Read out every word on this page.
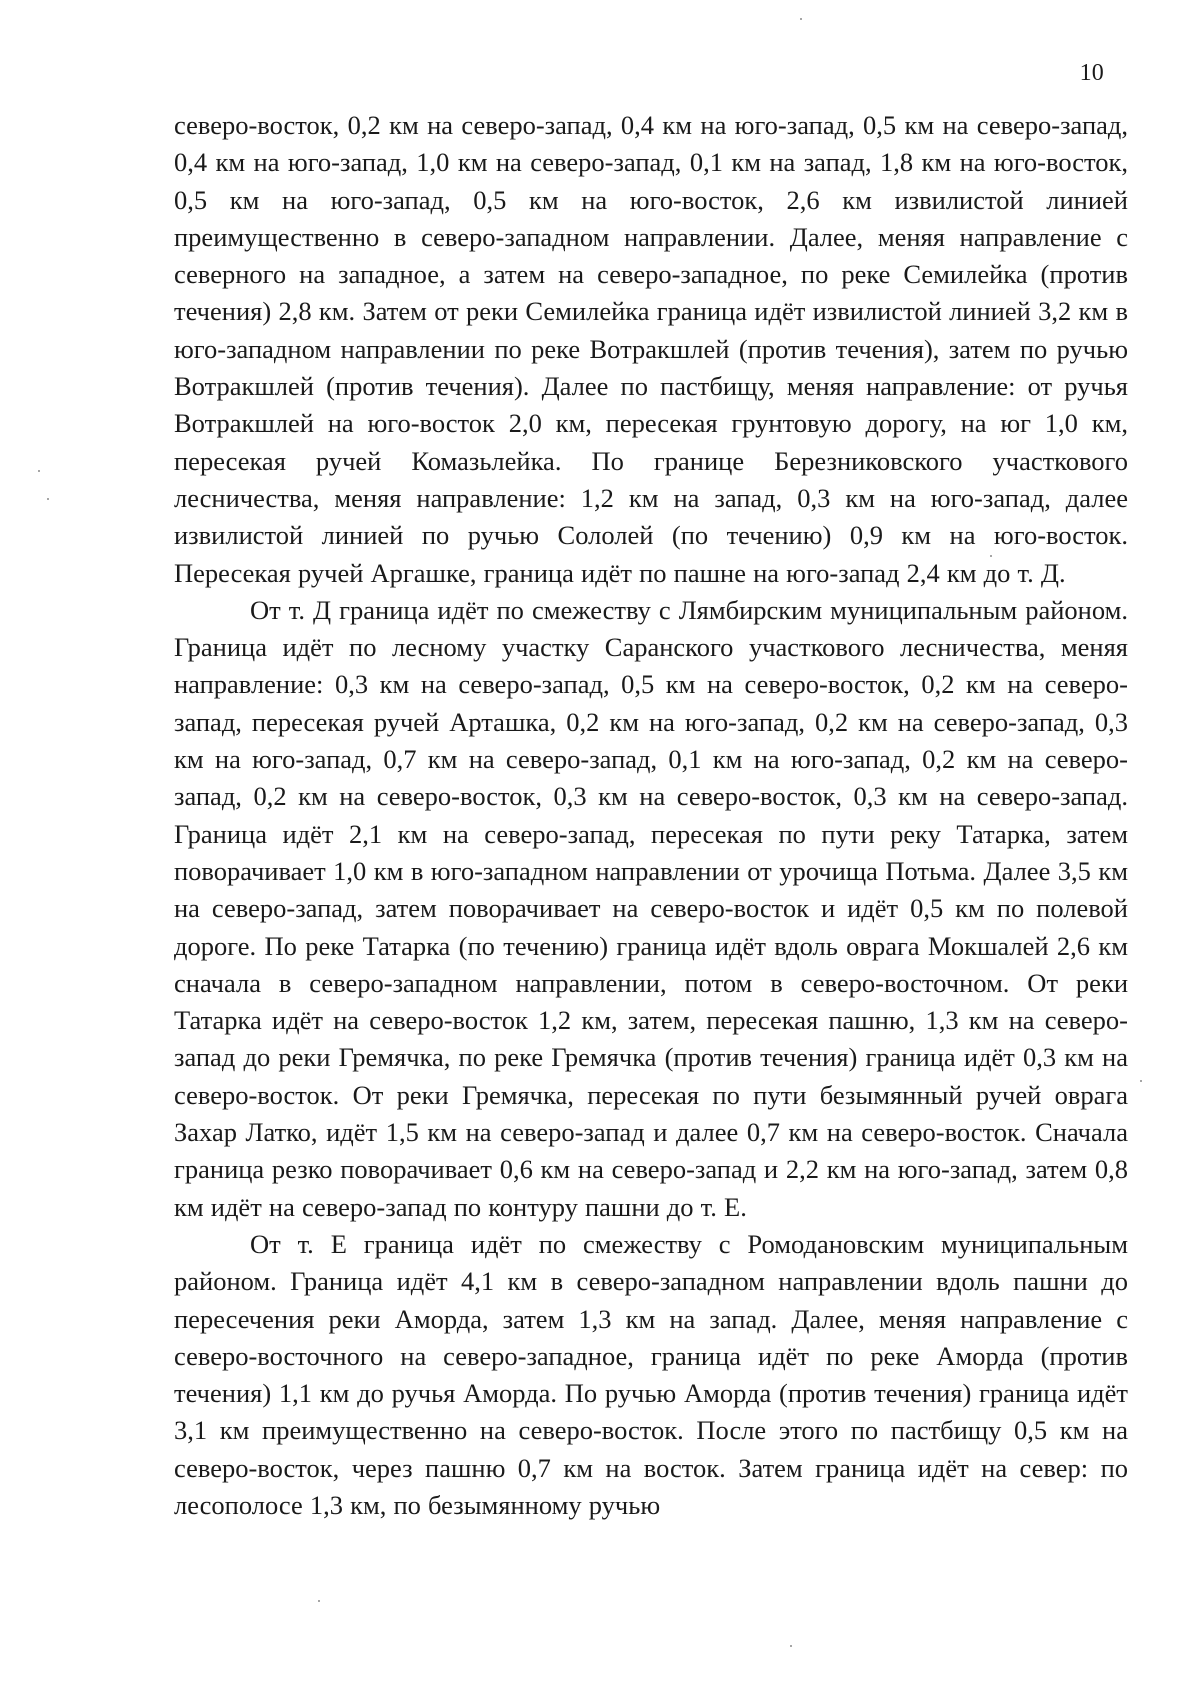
10

северо-восток, 0,2 км на северо-запад, 0,4 км на юго-запад, 0,5 км на северо-запад, 0,4 км на юго-запад, 1,0 км на северо-запад, 0,1 км на запад, 1,8 км на юго-восток, 0,5 км на юго-запад, 0,5 км на юго-восток, 2,6 км извилистой линией преимущественно в северо-западном направлении. Далее, меняя направление с северного на западное, а затем на северо-западное, по реке Семилейка (против течения) 2,8 км. Затем от реки Семилейка граница идёт извилистой линией 3,2 км в юго-западном направлении по реке Вотракшлей (против течения), затем по ручью Вотракшлей (против течения). Далее по пастбищу, меняя направление: от ручья Вотракшлей на юго-восток 2,0 км, пересекая грунтовую дорогу, на юг 1,0 км, пересекая ручей Комазьлейка. По границе Березниковского участкового лесничества, меняя направление: 1,2 км на запад, 0,3 км на юго-запад, далее извилистой линией по ручью Сололей (по течению) 0,9 км на юго-восток. Пересекая ручей Аргашке, граница идёт по пашне на юго-запад 2,4 км до т. Д.

От т. Д граница идёт по смежеству с Лямбирским муниципальным районом. Граница идёт по лесному участку Саранского участкового лесничества, меняя направление: 0,3 км на северо-запад, 0,5 км на северо-восток, 0,2 км на северо-запад, пересекая ручей Арташка, 0,2 км на юго-запад, 0,2 км на северо-запад, 0,3 км на юго-запад, 0,7 км на северо-запад, 0,1 км на юго-запад, 0,2 км на северо-запад, 0,2 км на северо-восток, 0,3 км на северо-восток, 0,3 км на северо-запад. Граница идёт 2,1 км на северо-запад, пересекая по пути реку Татарка, затем поворачивает 1,0 км в юго-западном направлении от урочища Потьма. Далее 3,5 км на северо-запад, затем поворачивает на северо-восток и идёт 0,5 км по полевой дороге. По реке Татарка (по течению) граница идёт вдоль оврага Мокшалей 2,6 км сначала в северо-западном направлении, потом в северо-восточном. От реки Татарка идёт на северо-восток 1,2 км, затем, пересекая пашню, 1,3 км на северо-запад до реки Гремячка, по реке Гремячка (против течения) граница идёт 0,3 км на северо-восток. От реки Гремячка, пересекая по пути безымянный ручей оврага Захар Латко, идёт 1,5 км на северо-запад и далее 0,7 км на северо-восток. Сначала граница резко поворачивает 0,6 км на северо-запад и 2,2 км на юго-запад, затем 0,8 км идёт на северо-запад по контуру пашни до т. Е.

От т. Е граница идёт по смежеству с Ромодановским муниципальным районом. Граница идёт 4,1 км в северо-западном направлении вдоль пашни до пересечения реки Аморда, затем 1,3 км на запад. Далее, меняя направление с северо-восточного на северо-западное, граница идёт по реке Аморда (против течения) 1,1 км до ручья Аморда. По ручью Аморда (против течения) граница идёт 3,1 км преимущественно на северо-восток. После этого по пастбищу 0,5 км на северо-восток, через пашню 0,7 км на восток. Затем граница идёт на север: по лесополосе 1,3 км, по безымянному ручью
